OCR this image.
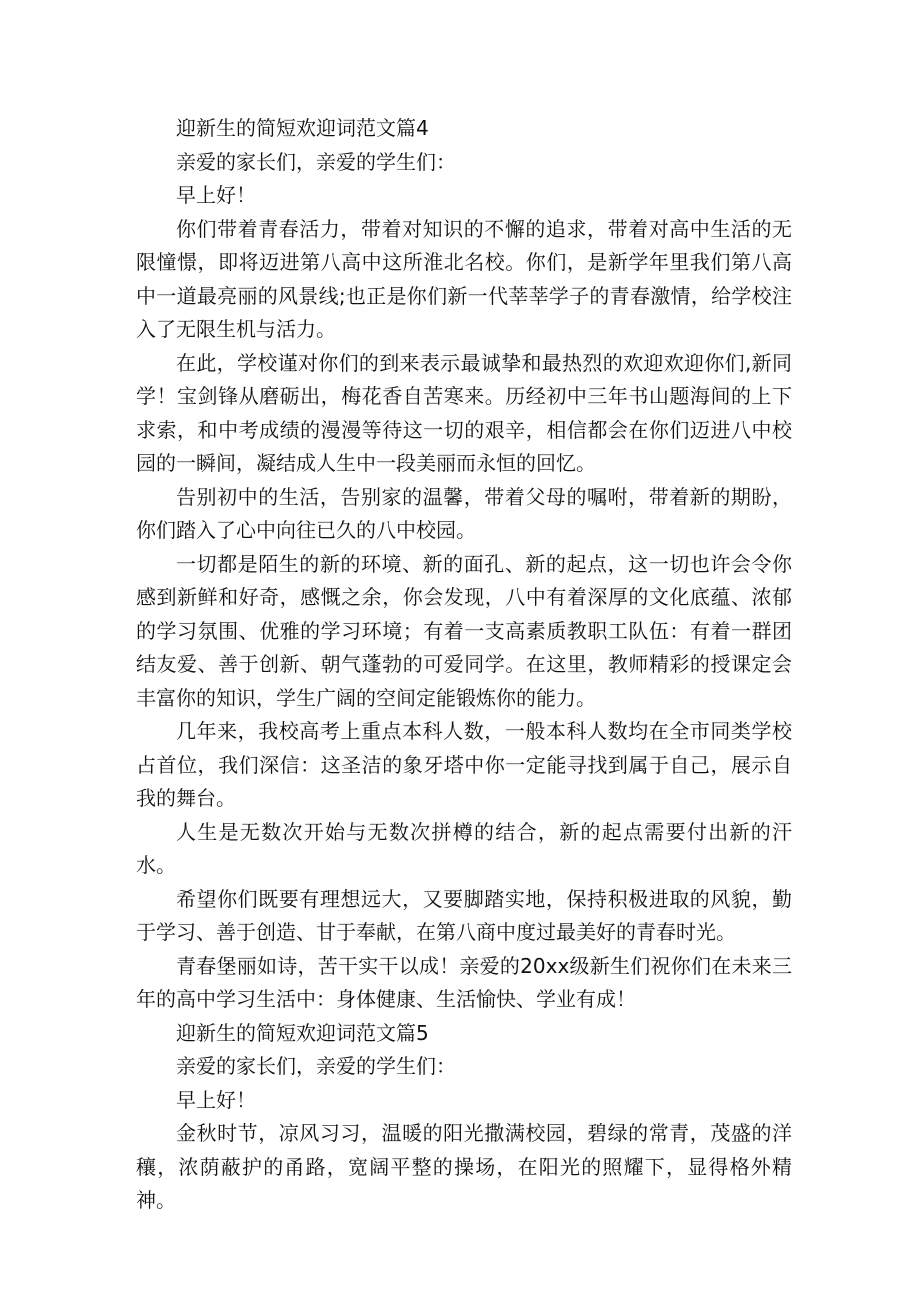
迎新生的简短欢迎词范文篇4

亲爱的家长们，亲爱的学生们：

早上好！

你们带着青春活力，带着对知识的不懈的追求，带着对高中生活的无限憧憬，即将迈进第八高中这所淮北名校。你们，是新学年里我们第八高中一道最亮丽的风景线;也正是你们新一代莘莘学子的青春激情，给学校注入了无限生机与活力。

在此，学校谨对你们的到来表示最诚挚和最热烈的欢迎欢迎你们,新同学！宝剑锋从磨砺出，梅花香自苦寒来。历经初中三年书山题海间的上下求索，和中考成绩的漫漫等待这一切的艰辛，相信都会在你们迈进八中校园的一瞬间，凝结成人生中一段美丽而永恒的回忆。

告别初中的生活，告别家的温馨，带着父母的嘱咐，带着新的期盼，你们踏入了心中向往已久的八中校园。

一切都是陌生的新的环境、新的面孔、新的起点，这一切也许会令你感到新鲜和好奇，感慨之余，你会发现，八中有着深厚的文化底蕴、浓郁的学习氛围、优雅的学习环境；有着一支高素质教职工队伍：有着一群团结友爱、善于创新、朝气蓬勃的可爱同学。在这里，教师精彩的授课定会丰富你的知识，学生广阔的空间定能锻炼你的能力。

几年来，我校高考上重点本科人数，一般本科人数均在全市同类学校占首位，我们深信：这圣洁的象牙塔中你一定能寻找到属于自己，展示自我的舞台。

人生是无数次开始与无数次拼樽的结合，新的起点需要付出新的汗水。

希望你们既要有理想远大，又要脚踏实地，保持积极进取的风貌，勤于学习、善于创造、甘于奉献，在第八商中度过最美好的青春时光。

青春堡丽如诗，苦干实干以成！亲爱的20xx级新生们祝你们在未来三年的高中学习生活中：身体健康、生活愉快、学业有成！

迎新生的简短欢迎词范文篇5

亲爱的家长们，亲爱的学生们：

早上好！

金秋时节，凉风习习，温暖的阳光撒满校园，碧绿的常青，茂盛的洋穰，浓荫蔽护的甬路，宽阔平整的操场，在阳光的照耀下，显得格外精神。
